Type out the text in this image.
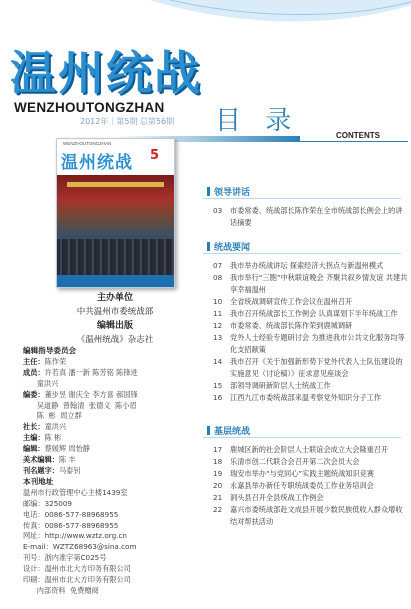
温州统战
WENZHOUTONGZHAN
2012年｜第5期 总第56期 目 录	CONTENTS
WENZHOUTONGZHAN
温州统战 5
主办单位
中共温州市委统战部
编辑出版
《温州统战》杂志社
编辑指导委员会
主任：陈作荣
成员：许若真 潘一新 陈芳铭 陈锋进
童洪兴
编委：董步昱 谢庆全 李方喜 郝国锋
吴道静  曾翰清  张德义  陈小眉
陈  彬  周立群
社长：童洪兴
主编：陈 彬
编辑：蔡媛辉 周怡静
美术编辑：陈 丰
刊名题字：马泰钊
本刊地址
温州市行政管理中心主楼1439室
邮编：325009
电话：0086-577-88968955
传真：0086-577-88968955
网址：http://www.wztz.org.cn
E-mail：WZTZ68963@sina.com
刊号：浙内准字第C025号
设计：温州市北大方印务有限公司
印刷：温州市北大方印务有限公司
内部资料  免费赠阅
领导讲话
03	市委常委、统战部长陈作荣在全市统战部长例会上的讲话摘要
统战要闻
07	我市举办统战讲坛 探索经济大拐点与新温州模式
08	我市举行“三胞”中秋联谊晚会 齐聚共叙乡情友谊 共建共享幸福温州
10	全省统战调研宣传工作会议在温州召开
11	我市召开统战部长工作例会 认真谋划下半年统战工作
12	市委常委、统战部长陈作荣到鹿城调研
13	党外人士经验专题研讨会 为推进我市公共文化服务均等化支招献策
14	我市召开《关于加强新形势下党外代表人士队伍建设的实施意见（讨论稿）》征求意见座谈会
15	部领导调研新阶层人士统战工作
16	江西九江市委统战部来温考察党外知识分子工作
基层统战
17	鹿城区新的社会阶层人士联谊会成立大会隆重召开
18	乐清市创二代联合会召开第二次会员大会
19	瑞安市举办“与党同心”实践主题统战知识竞赛
20	永嘉县举办新任专职统战委员工作业务培训会
21	洞头县召开全县统战工作例会
22	嘉兴市委统战部赴文成县开展少数民族低收入群众增收结对帮扶活动
